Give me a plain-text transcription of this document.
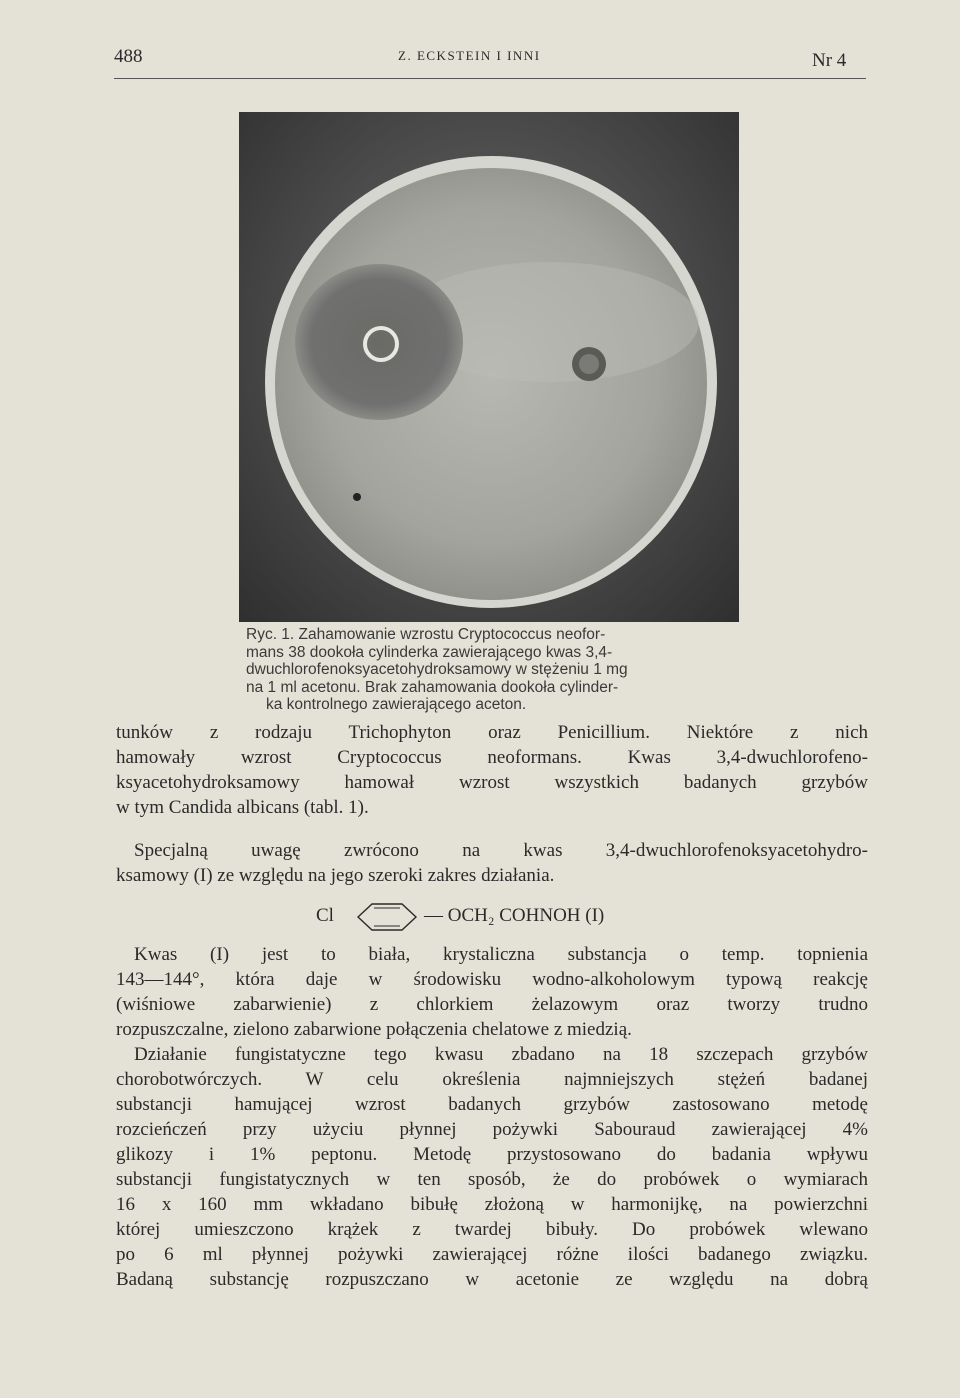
488	Z. ECKSTEIN I INNI	Nr 4
Ryc. 1. Zahamowanie wzrostu Cryptococcus neofor-
mans 38 dookoła cylinderka zawierającego kwas 3,4-
dwuchlorofenoksyacetohydroksamowy w stężeniu 1 mg
na 1 ml acetonu. Brak zahamowania dookoła cylinder-
ka kontrolnego zawierającego aceton.
tunków z rodzaju Trichophyton oraz Penicillium. Niektóre z nich
hamowały wzrost Cryptococcus neoformans. Kwas 3,4-dwuchlorofeno-
ksyacetohydroksamowy hamował wzrost wszystkich badanych grzybów
w tym Candida albicans (tabl. 1).
Specjalną uwagę zwrócono na kwas 3,4-dwuchlorofenoksyacetohydro-
ksamowy (I) ze względu na jego szeroki zakres działania.
Cl	— OCH₂ COHNOH (I)
Kwas (I) jest to biała, krystaliczna substancja o temp. topnienia
143—144°, która daje w środowisku wodno-alkoholowym typową reakcję
(wiśniowe zabarwienie) z chlorkiem żelazowym oraz tworzy trudno
rozpuszczalne, zielono zabarwione połączenia chelatowe z miedzią.
Działanie fungistatyczne tego kwasu zbadano na 18 szczepach grzybów
chorobotwórczych. W celu określenia najmniejszych stężeń badanej
substancji hamującej wzrost badanych grzybów zastosowano metodę
rozcieńczeń przy użyciu płynnej pożywki Sabouraud zawierającej 4%
glikozy i 1% peptonu. Metodę przystosowano do badania wpływu
substancji fungistatycznych w ten sposób, że do probówek o wymiarach
16 x 160 mm wkładano bibułę złożoną w harmonijkę, na powierzchni
której umieszczono krążek z twardej bibuły. Do probówek wlewano
po 6 ml płynnej pożywki zawierającej różne ilości badanego związku.
Badaną substancję rozpuszczano w acetonie ze względu na dobrą
